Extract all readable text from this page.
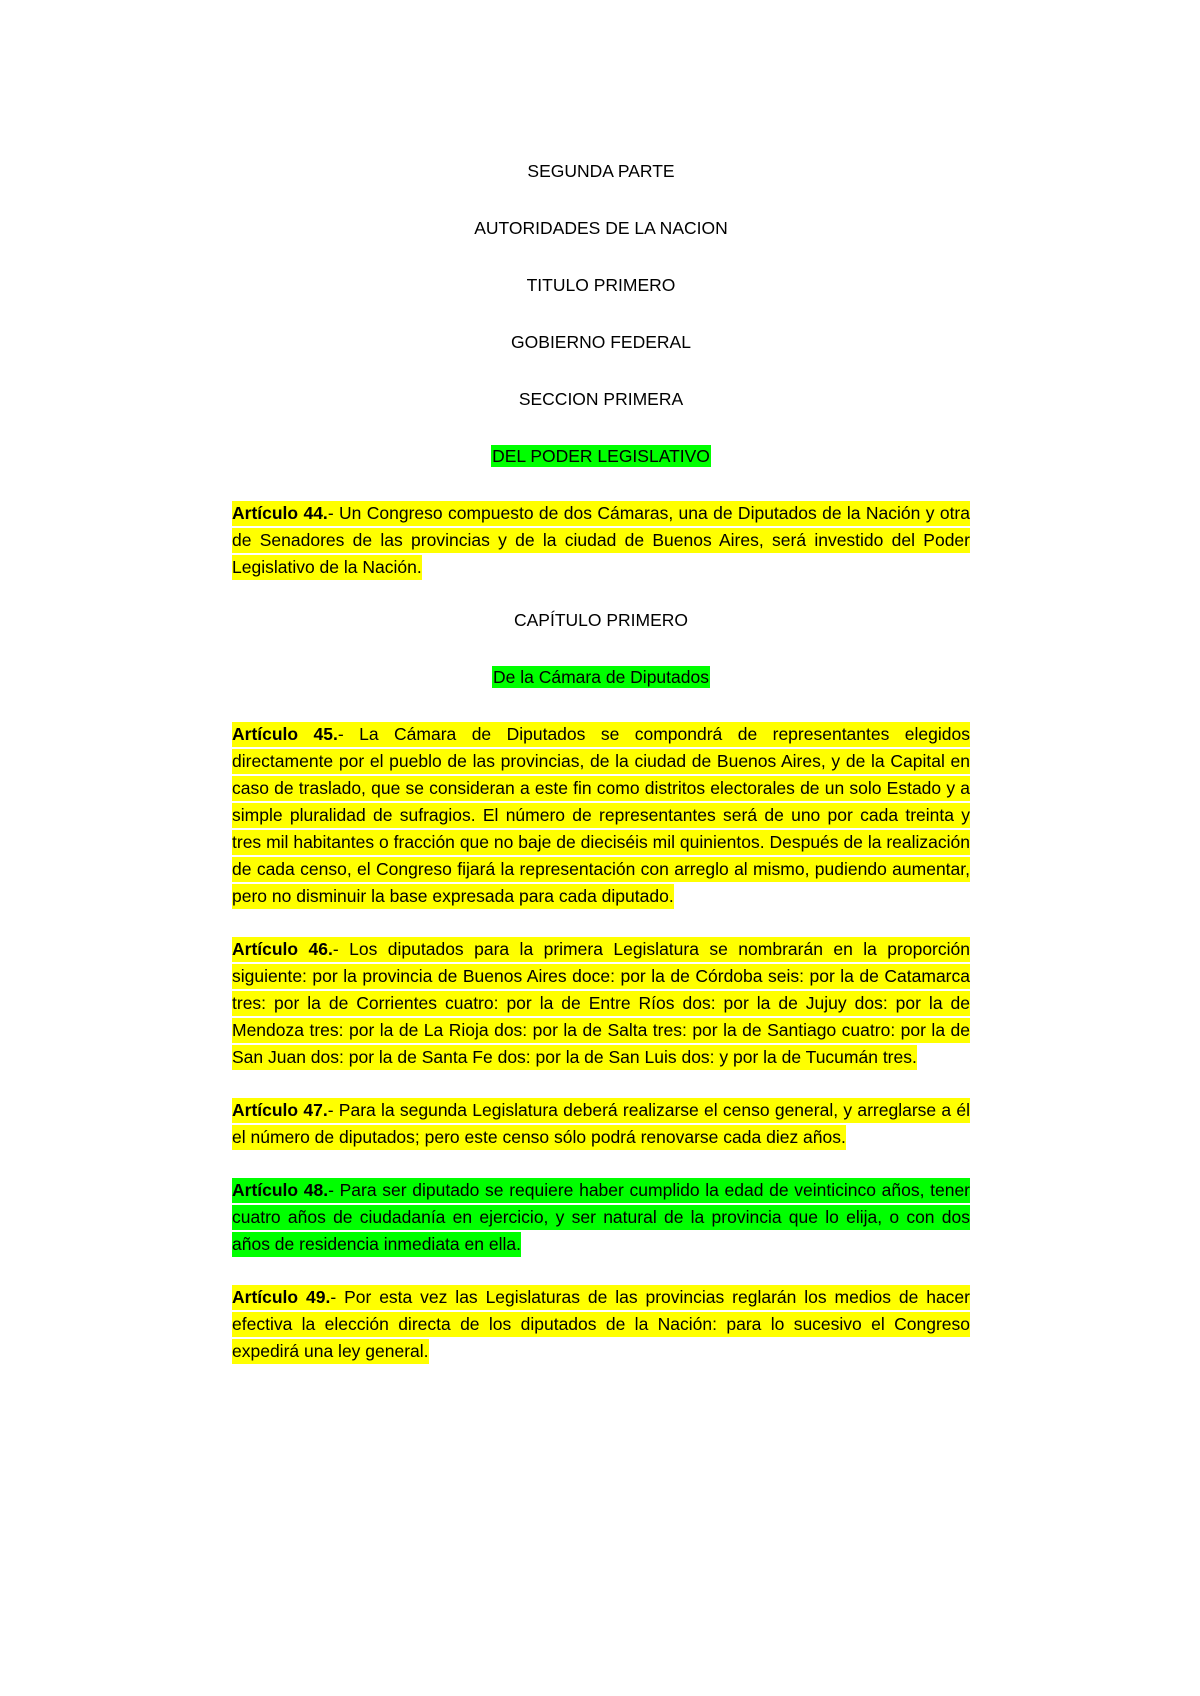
SEGUNDA PARTE
AUTORIDADES DE LA NACION
TITULO PRIMERO
GOBIERNO FEDERAL
SECCION PRIMERA
DEL PODER LEGISLATIVO

Artículo 44.- Un Congreso compuesto de dos Cámaras, una de Diputados de la Nación y otra de Senadores de las provincias y de la ciudad de Buenos Aires, será investido del Poder Legislativo de la Nación.

CAPÍTULO PRIMERO
De la Cámara de Diputados

Artículo 45.- La Cámara de Diputados se compondrá de representantes elegidos directamente por el pueblo de las provincias, de la ciudad de Buenos Aires, y de la Capital en caso de traslado, que se consideran a este fin como distritos electorales de un solo Estado y a simple pluralidad de sufragios. El número de representantes será de uno por cada treinta y tres mil habitantes o fracción que no baje de dieciséis mil quinientos. Después de la realización de cada censo, el Congreso fijará la representación con arreglo al mismo, pudiendo aumentar, pero no disminuir la base expresada para cada diputado.

Artículo 46.- Los diputados para la primera Legislatura se nombrarán en la proporción siguiente: por la provincia de Buenos Aires doce: por la de Córdoba seis: por la de Catamarca tres: por la de Corrientes cuatro: por la de Entre Ríos dos: por la de Jujuy dos: por la de Mendoza tres: por la de La Rioja dos: por la de Salta tres: por la de Santiago cuatro: por la de San Juan dos: por la de Santa Fe dos: por la de San Luis dos: y por la de Tucumán tres.

Artículo 47.- Para la segunda Legislatura deberá realizarse el censo general, y arreglarse a él el número de diputados; pero este censo sólo podrá renovarse cada diez años.

Artículo 48.- Para ser diputado se requiere haber cumplido la edad de veinticinco años, tener cuatro años de ciudadanía en ejercicio, y ser natural de la provincia que lo elija, o con dos años de residencia inmediata en ella.

Artículo 49.- Por esta vez las Legislaturas de las provincias reglarán los medios de hacer efectiva la elección directa de los diputados de la Nación: para lo sucesivo el Congreso expedirá una ley general.
